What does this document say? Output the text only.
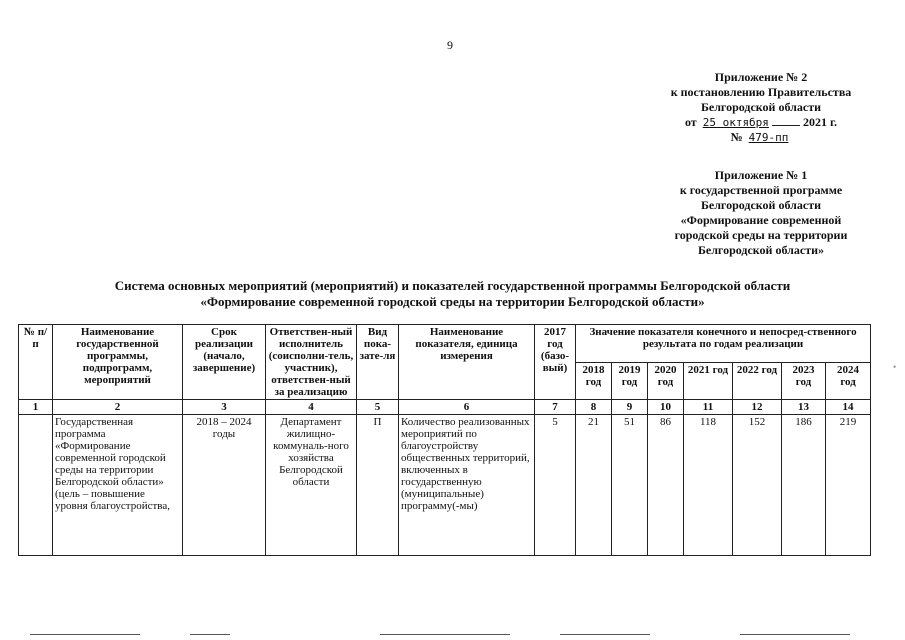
9
Приложение № 2
к постановлению Правительства
Белгородской области
от 25 октября	2021 г.
№ 479-пп
Приложение № 1
к государственной программе
Белгородской области
«Формирование современной
городской среды на территории
Белгородской области»
Система основных мероприятий (мероприятий) и показателей государственной программы Белгородской области
«Формирование современной городской среды на территории Белгородской области»
№ п/п	Наименование государственной программы, подпрограмм, мероприятий	Срок реализации (начало, завершение)	Ответствен-ный исполнитель (соисполни-тель, участник), ответствен-ный за реализацию	Вид пока-зате-ля	Наименование показателя, единица измерения	2017 год (базо-вый)	Значение показателя конечного и непосред-ственного результата по годам реализации						
							2018 год	2019 год	2020 год	2021 год	2022 год	2023 год	2024 год
1	2	3	4	5	6	7	8	9	10	11	12	13	14
	Государственная программа «Формирование современной городской среды на территории Белгородской области» (цель – повышение уровня благоустройства,	2018 – 2024 годы	Департамент жилищно-коммуналь-ного хозяйства Белгородской области	П	Количество реализованных мероприятий по благоустройству общественных территорий, включенных в государственную (муниципальные) программу(-мы)	5	21	51	86	118	152	186	219
•
